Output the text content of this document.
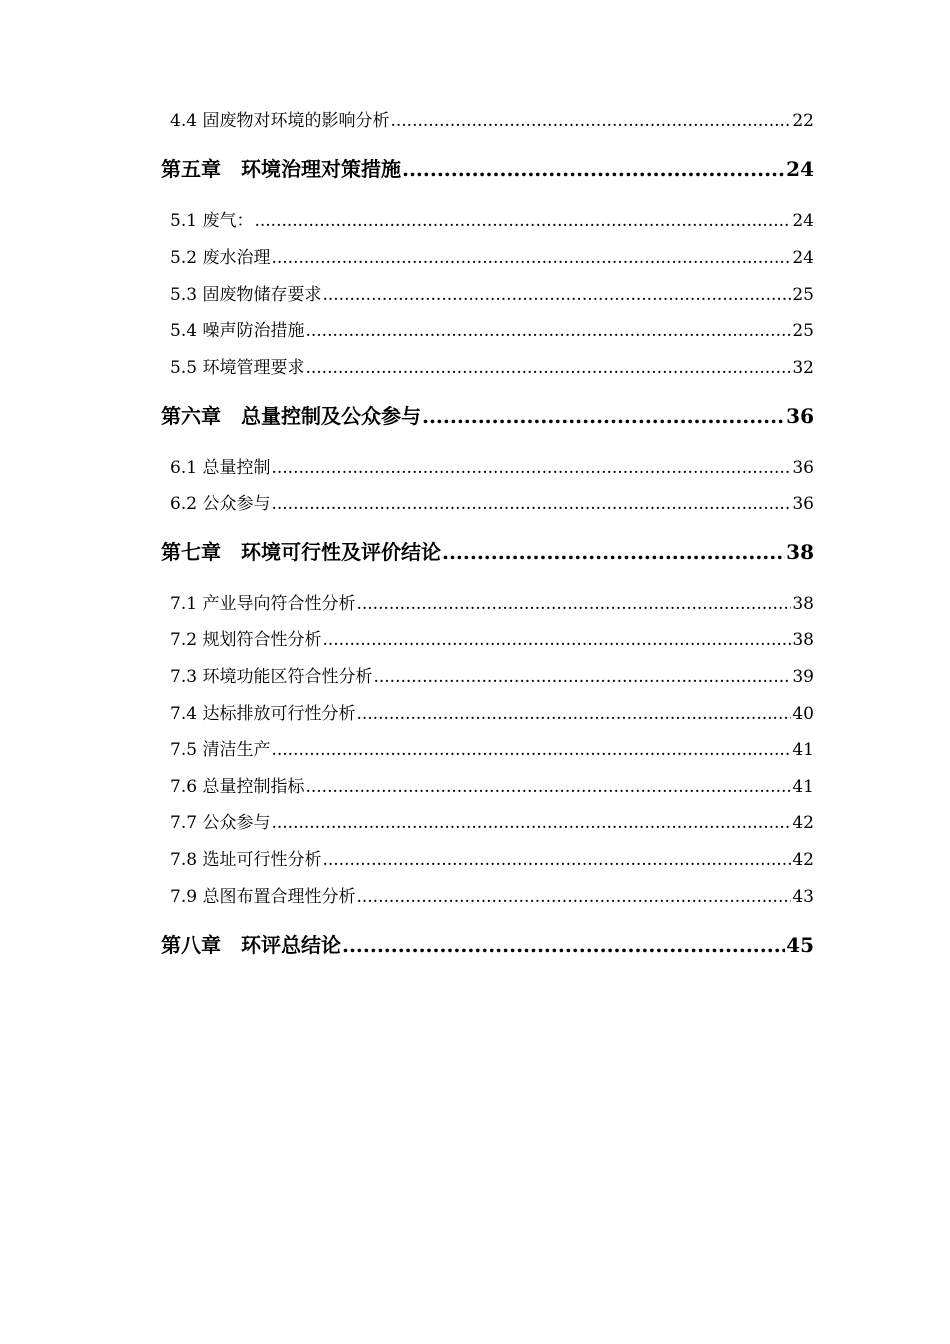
4.4 固废物对环境的影响分析 .....	22
第五章　环境治理对策措施 .....	24
5.1 废气： .....	24
5.2 废水治理 .....	24
5.3 固废物储存要求 .....	25
5.4 噪声防治措施 .....	25
5.5 环境管理要求 .....	32
第六章　总量控制及公众参与 .....	36
6.1 总量控制 .....	36
6.2 公众参与 .....	36
第七章　环境可行性及评价结论 .....	38
7.1 产业导向符合性分析 .....	38
7.2 规划符合性分析 .....	38
7.3 环境功能区符合性分析 .....	39
7.4 达标排放可行性分析 .....	40
7.5 清洁生产 .....	41
7.6 总量控制指标 .....	41
7.7 公众参与 .....	42
7.8 选址可行性分析 .....	42
7.9 总图布置合理性分析 .....	43
第八章　环评总结论 .....	45
